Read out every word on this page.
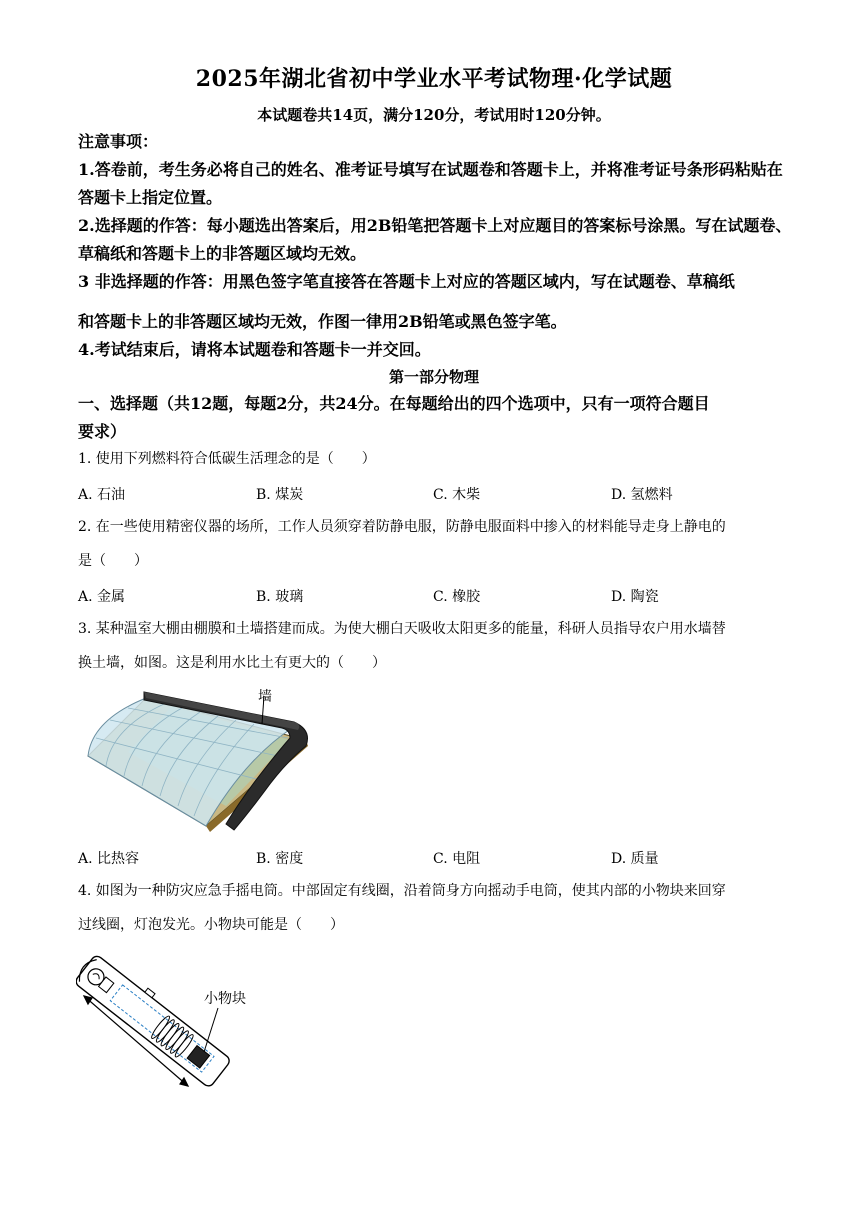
2025年湖北省初中学业水平考试物理·化学试题
本试题卷共14页，满分120分，考试用时120分钟。

注意事项：

1.答卷前，考生务必将自己的姓名、准考证号填写在试题卷和答题卡上，并将准考证号条形码粘贴在答题卡上指定位置。

2.选择题的作答：每小题选出答案后，用2B铅笔把答题卡上对应题目的答案标号涂黑。写在试题卷、草稿纸和答题卡上的非答题区域均无效。

3 非选择题的作答：用黑色签字笔直接答在答题卡上对应的答题区域内，写在试题卷、草稿纸

和答题卡上的非答题区域均无效，作图一律用2B铅笔或黑色签字笔。

4.考试结束后，请将本试题卷和答题卡一并交回。

第一部分物理
一、选择题（共12题，每题2分，共24分。在每题给出的四个选项中，只有一项符合题目
要求）
1. 使用下列燃料符合低碳生活理念的是（　　）
A. 石油	B. 煤炭	C. 木柴	D. 氢燃料
2. 在一些使用精密仪器的场所，工作人员须穿着防静电服，防静电服面料中掺入的材料能导走身上静电的
是（　　）
A. 金属	B. 玻璃	C. 橡胶	D. 陶瓷
3. 某种温室大棚由棚膜和土墙搭建而成。为使大棚白天吸收太阳更多的能量，科研人员指导农户用水墙替
换土墙，如图。这是利用水比土有更大的（　　）
墙
A. 比热容	B. 密度	C. 电阻	D. 质量
4. 如图为一种防灾应急手摇电筒。中部固定有线圈，沿着筒身方向摇动手电筒，使其内部的小物块来回穿
过线圈，灯泡发光。小物块可能是（　　）
小物块
